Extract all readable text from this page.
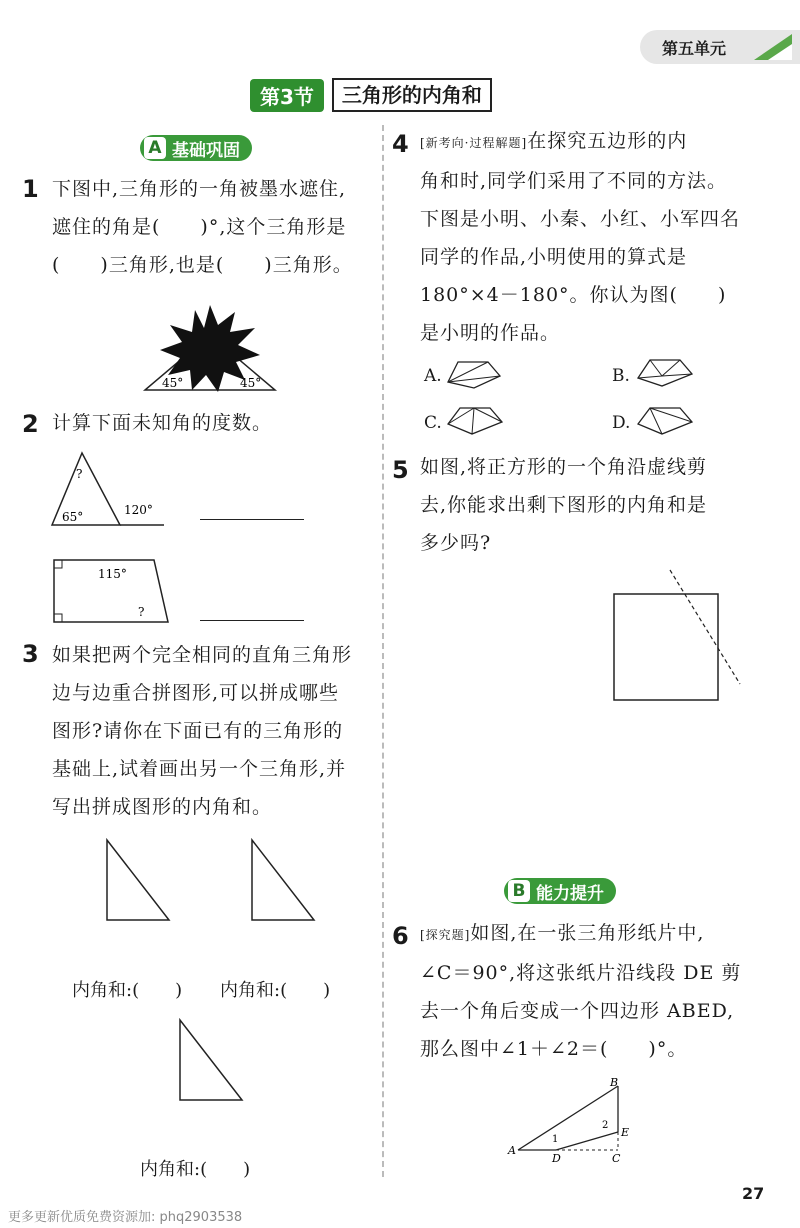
第五单元
第3节	三角形的内角和
A 基础巩固
1 下图中,三角形的一角被墨水遮住,
遮住的角是(　　)°,这个三角形是
(　　)三角形,也是(　　)三角形。
45°	45°
2 计算下面未知角的度数。
?
65°	120°
115°
?
3 如果把两个完全相同的直角三角形
边与边重合拼图形,可以拼成哪些
图形?请你在下面已有的三角形的
基础上,试着画出另一个三角形,并
写出拼成图形的内角和。
内角和:(　　) 内角和:(　　)
内角和:(　　)
4 [新考向·过程解题]在探究五边形的内
角和时,同学们采用了不同的方法。
下图是小明、小秦、小红、小军四名
同学的作品,小明使用的算式是
180°×4－180°。你认为图(　　)
是小明的作品。
A.	B.
C.	D.
5 如图,将正方形的一个角沿虚线剪
去,你能求出剩下图形的内角和是
多少吗?
B 能力提升
6 [探究题]如图,在一张三角形纸片中,
∠C＝90°,将这张纸片沿线段 DE 剪
去一个角后变成一个四边形 ABED,
那么图中∠1＋∠2＝(　　)°。
A
B
C
D
E
1
2
27
更多更新优质免费资源加: phq2903538
